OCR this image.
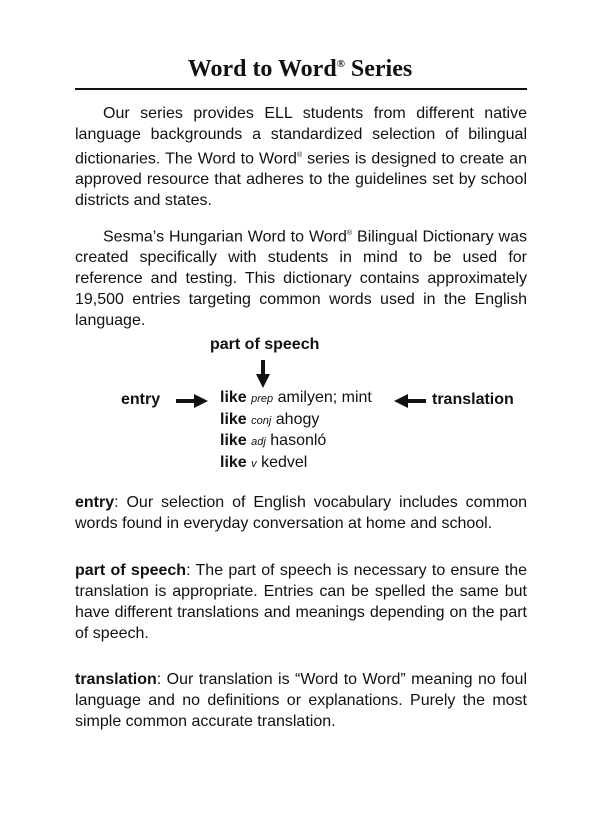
Word to Word® Series

Our series provides ELL students from different native language backgrounds a standardized selection of bilingual dictionaries. The Word to Word® series is designed to create an approved resource that adheres to the guidelines set by school districts and states.

Sesma’s Hungarian Word to Word® Bilingual Dictionary was created specifically with students in mind to be used for reference and testing. This dictionary contains approximately 19,500 entries targeting common words used in the English language.

part of speech
entry	translation
like prep amilyen; mint
like conj ahogy
like adj hasonló
like v kedvel

entry: Our selection of English vocabulary includes common words found in everyday conversation at home and school.

part of speech: The part of speech is necessary to ensure the translation is appropriate. Entries can be spelled the same but have different translations and meanings depending on the part of speech.

translation: Our translation is “Word to Word” meaning no foul language and no definitions or explanations. Purely the most simple common accurate translation.
